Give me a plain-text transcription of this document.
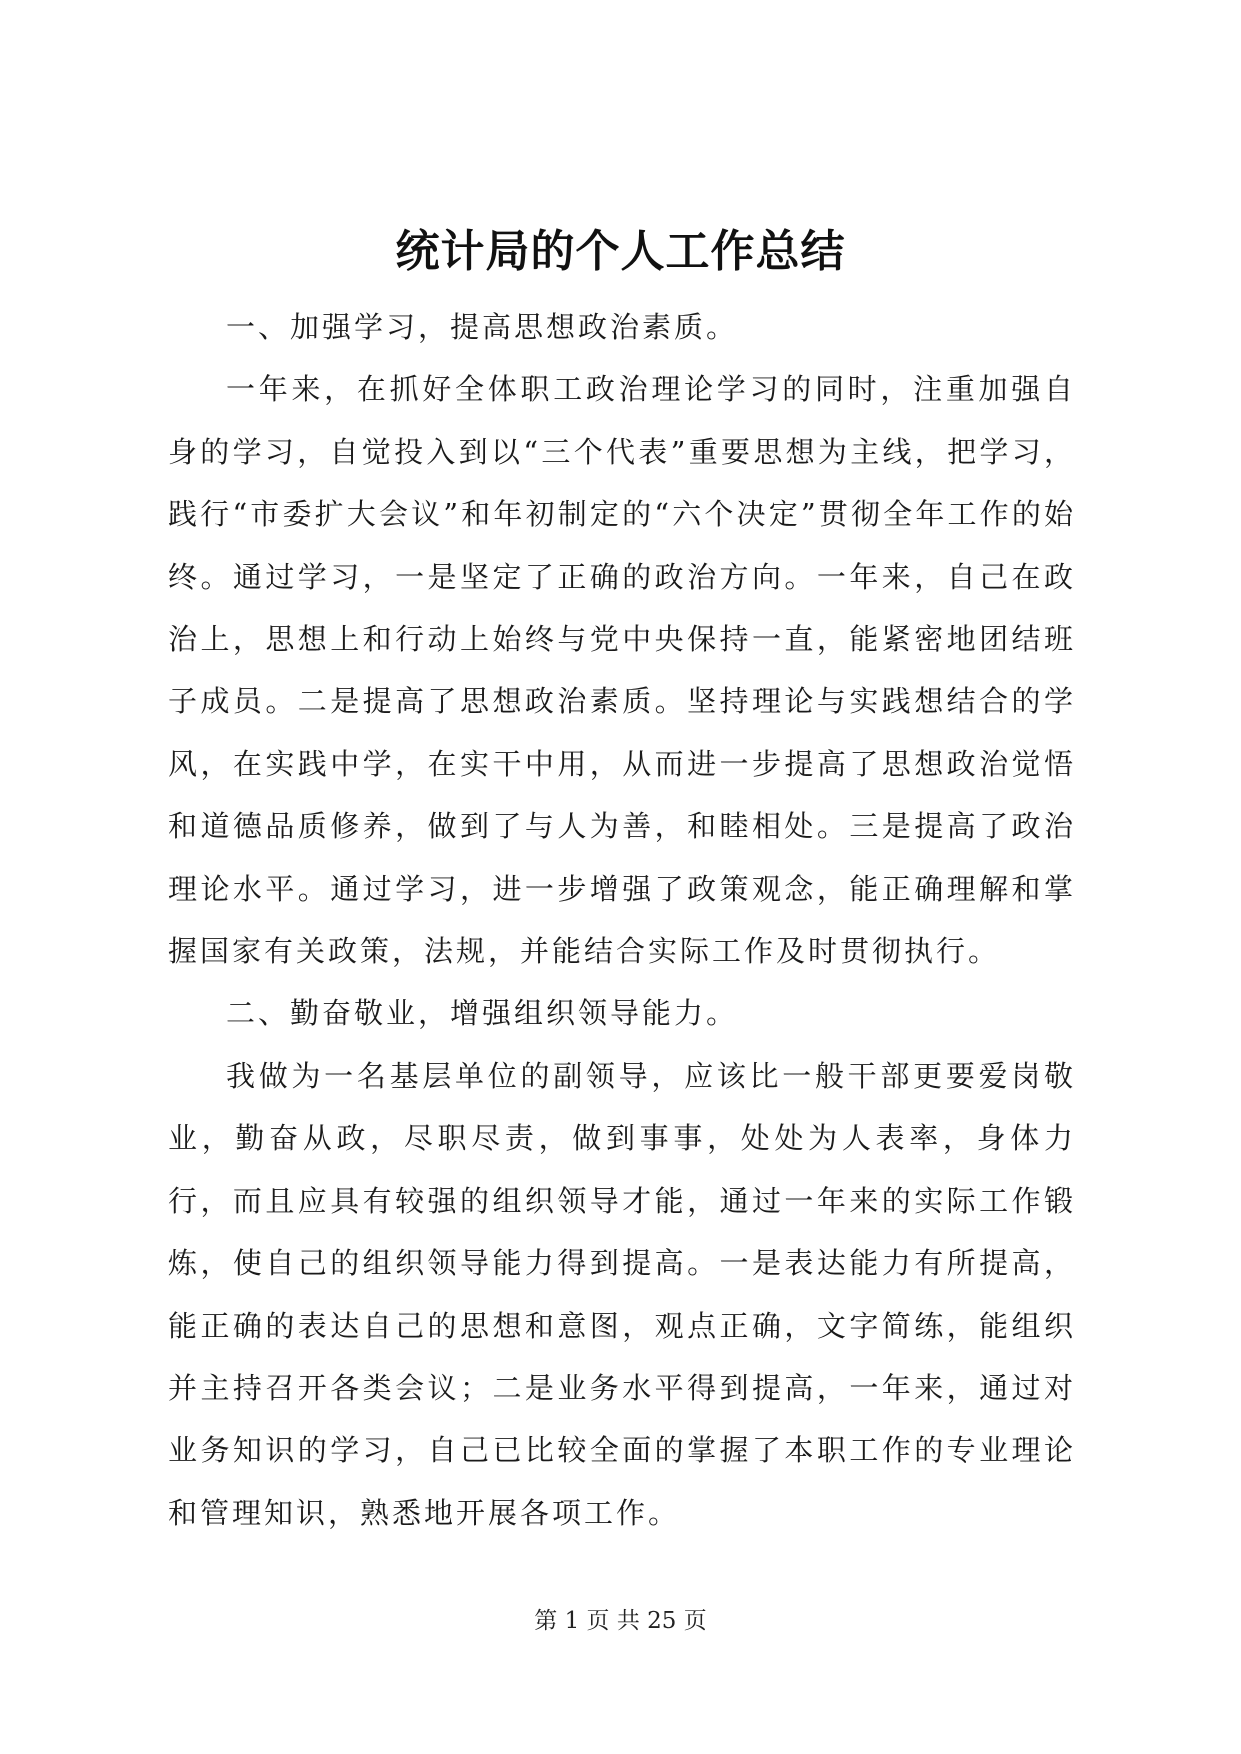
统计局的个人工作总结

一、加强学习，提高思想政治素质。

一年来，在抓好全体职工政治理论学习的同时，注重加强自身的学习，自觉投入到以“三个代表”重要思想为主线，把学习，践行“市委扩大会议”和年初制定的“六个决定”贯彻全年工作的始终。通过学习，一是坚定了正确的政治方向。一年来，自己在政治上，思想上和行动上始终与党中央保持一直，能紧密地团结班子成员。二是提高了思想政治素质。坚持理论与实践想结合的学风，在实践中学，在实干中用，从而进一步提高了思想政治觉悟和道德品质修养，做到了与人为善，和睦相处。三是提高了政治理论水平。通过学习，进一步增强了政策观念，能正确理解和掌握国家有关政策，法规，并能结合实际工作及时贯彻执行。

二、勤奋敬业，增强组织领导能力。

我做为一名基层单位的副领导，应该比一般干部更要爱岗敬业，勤奋从政，尽职尽责，做到事事，处处为人表率，身体力行，而且应具有较强的组织领导才能，通过一年来的实际工作锻炼，使自己的组织领导能力得到提高。一是表达能力有所提高，能正确的表达自己的思想和意图，观点正确，文字简练，能组织并主持召开各类会议；二是业务水平得到提高，一年来，通过对业务知识的学习，自己已比较全面的掌握了本职工作的专业理论和管理知识，熟悉地开展各项工作。

第 1 页 共 25 页
